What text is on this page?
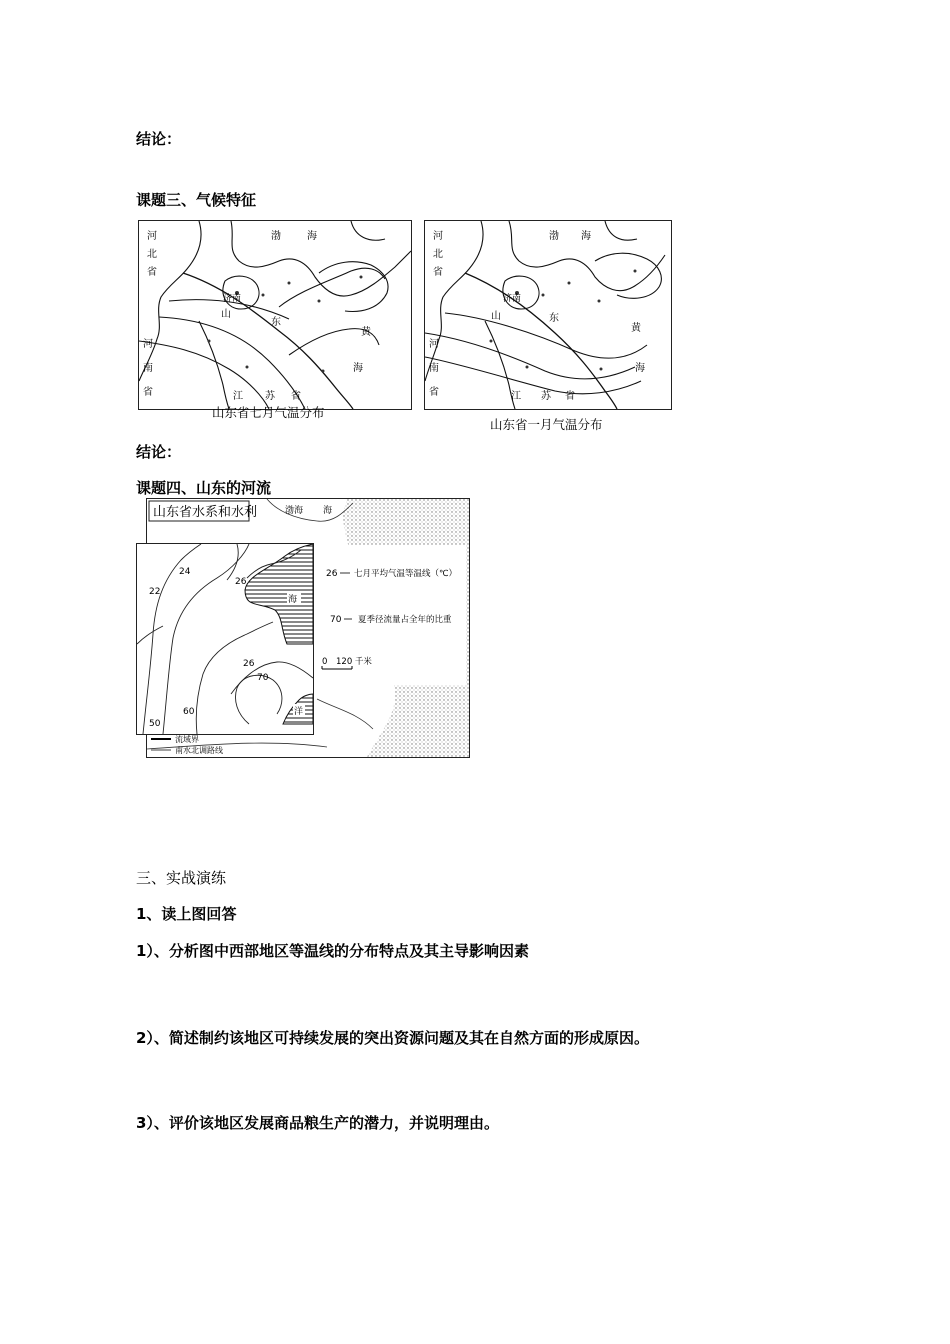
结论：
课题三、气候特征
河
北
省
渤	海
河
南
省	江 苏 省
济南
山
东
黄
海
山东省七月气温分布
河
北
省
渤 海
河
南
省	江 苏 省
济南
山	东
黄
海
山东省一月气温分布
结论：
课题四、山东的河流
山东省水系和水利	渤海 海
流域界
南水北调路线
22
24
26
26
70
50
60
海
洋
26 七月平均气温等温线（℃）
70 夏季径流量占全年的比重
0 120 千米
三、实战演练
1、读上图回答
1）、分析图中西部地区等温线的分布特点及其主导影响因素
2）、简述制约该地区可持续发展的突出资源问题及其在自然方面的形成原因。
3）、评价该地区发展商品粮生产的潜力，并说明理由。
